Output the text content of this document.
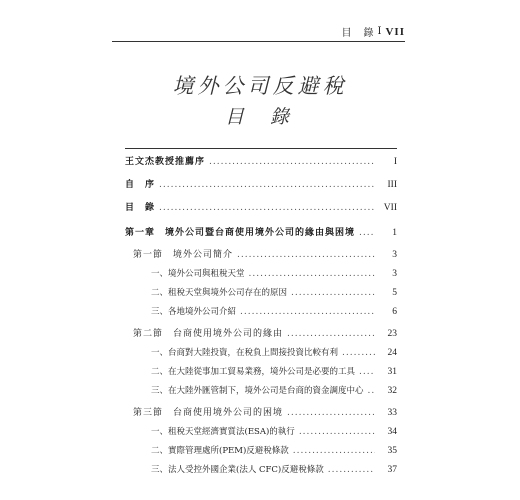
目　錄 I VII
境外公司反避稅
目錄
王文杰教授推薦序 .....	I
自　序 .....	III
目　錄 .....	VII
第一章　境外公司暨台商使用境外公司的緣由與困境 .....	1
第一節　境外公司簡介 .....	3
一、境外公司與租稅天堂 .....	3
二、租稅天堂與境外公司存在的原因 .....	5
三、各地境外公司介紹 .....	6
第二節　台商使用境外公司的緣由 .....	23
一、台商對大陸投資，在稅負上間接投資比較有利 .....	24
二、在大陸從事加工貿易業務，境外公司是必要的工具 .....	31
三、在大陸外匯管制下，境外公司是台商的資金調度中心 .....	32
第三節　台商使用境外公司的困境 .....	33
一、租稅天堂經濟實質法(ESA)的執行 .....	34
二、實際管理處所(PEM)反避稅條款 .....	35
三、法人受控外國企業(法人 CFC)反避稅條款 .....	37
